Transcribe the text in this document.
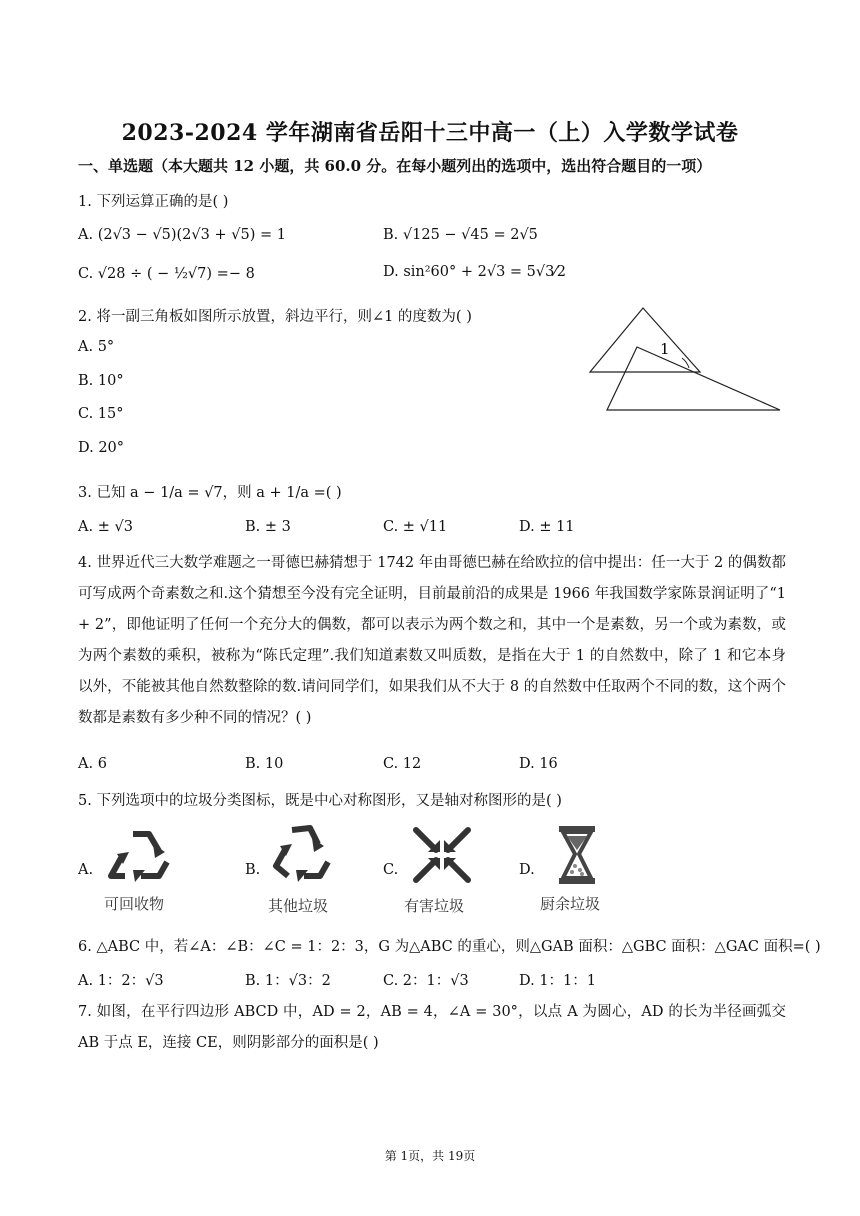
2023-2024 学年湖南省岳阳十三中高一（上）入学数学试卷
一、单选题（本大题共 12 小题，共 60.0 分。在每小题列出的选项中，选出符合题目的一项）
1. 下列运算正确的是( )
A. (2√3 − √5)(2√3 + √5) = 1	B. √125 − √45 = 2√5
C. √28 ÷ ( − ½√7) =− 8	D. sin²60° + 2√3 = 5√3⁄2
2. 将一副三角板如图所示放置，斜边平行，则∠1 的度数为( )
A. 5°
B. 10°
C. 15°
D. 20°
1
3. 已知 a − 1/a = √7，则 a + 1/a =( )
A. ± √3	B. ± 3	C. ± √11	D. ± 11
4. 世界近代三大数学难题之一哥德巴赫猜想于 1742 年由哥德巴赫在给欧拉的信中提出：任一大于 2 的偶数都可写成两个奇素数之和.这个猜想至今没有完全证明，目前最前沿的成果是 1966 年我国数学家陈景润证明了“1 + 2”，即他证明了任何一个充分大的偶数，都可以表示为两个数之和，其中一个是素数，另一个或为素数，或为两个素数的乘积，被称为“陈氏定理”.我们知道素数又叫质数，是指在大于 1 的自然数中，除了 1 和它本身以外，不能被其他自然数整除的数.请问同学们，如果我们从不大于 8 的自然数中任取两个不同的数，这个两个数都是素数有多少种不同的情况？( )
A. 6	B. 10	C. 12	D. 16
5. 下列选项中的垃圾分类图标，既是中心对称图形，又是轴对称图形的是( )
A.	B.	C.	D.
可回收物	其他垃圾	有害垃圾	厨余垃圾
6. △ABC 中，若∠A：∠B：∠C = 1：2：3，G 为△ABC 的重心，则△GAB 面积：△GBC 面积：△GAC 面积=( )
A. 1：2：√3	B. 1：√3：2	C. 2：1：√3	D. 1：1：1
7. 如图，在平行四边形 ABCD 中，AD = 2，AB = 4，∠A = 30°，以点 A 为圆心，AD 的长为半径画弧交 AB 于点 E，连接 CE，则阴影部分的面积是( )
第 1页，共 19页
